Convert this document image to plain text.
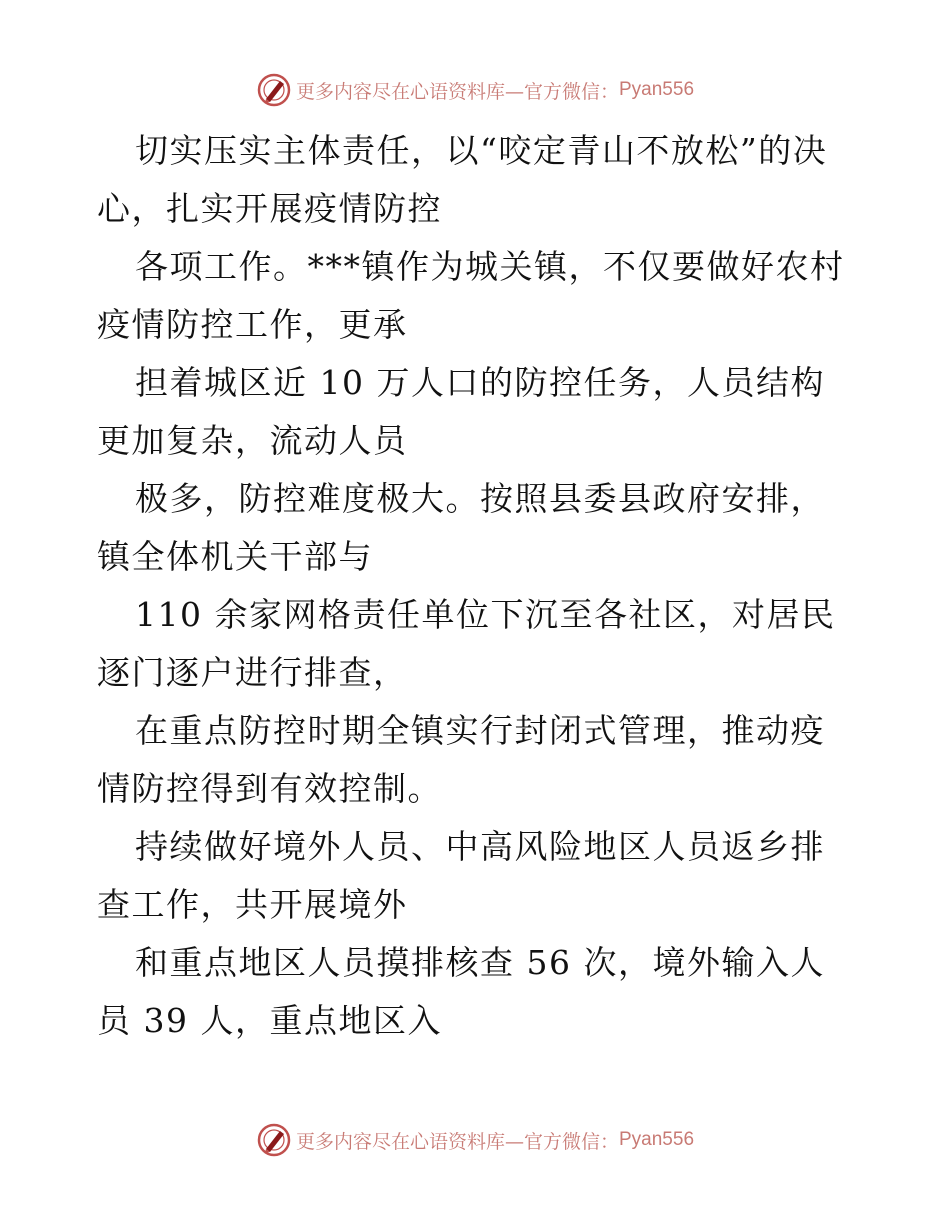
更多内容尽在心语资料库—官方微信： Pyan556

切实压实主体责任，以“咬定青山不放松”的决心，扎实开展疫情防控

各项工作。***镇作为城关镇，不仅要做好农村疫情防控工作，更承

担着城区近 10 万人口的防控任务，人员结构更加复杂，流动人员

极多，防控难度极大。按照县委县政府安排，镇全体机关干部与

110 余家网格责任单位下沉至各社区，对居民逐门逐户进行排查，

在重点防控时期全镇实行封闭式管理，推动疫情防控得到有效控制。

持续做好境外人员、中高风险地区人员返乡排查工作，共开展境外

和重点地区人员摸排核查 56 次，境外输入人员 39 人，重点地区入

更多内容尽在心语资料库—官方微信： Pyan556
